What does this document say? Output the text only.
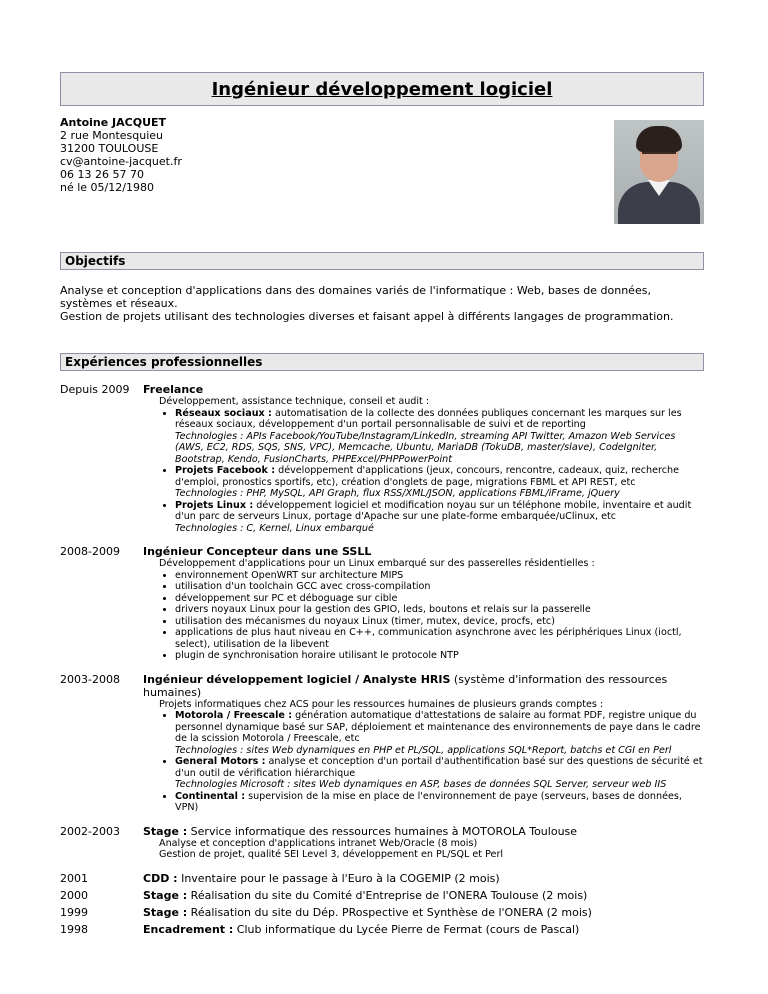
Ingénieur développement logiciel
Antoine JACQUET
2 rue Montesquieu
31200 TOULOUSE
cv@antoine-jacquet.fr
06 13 26 57 70
né le 05/12/1980
Objectifs
Analyse et conception d'applications dans des domaines variés de l'informatique : Web, bases de données, systèmes et réseaux.
Gestion de projets utilisant des technologies diverses et faisant appel à différents langages de programmation.
Expériences professionnelles
Depuis 2009	Freelance
Développement, assistance technique, conseil et audit :
• Réseaux sociaux : automatisation de la collecte des données publiques concernant les marques sur les réseaux sociaux, développement d'un portail personnalisable de suivi et de reporting
Technologies : APIs Facebook/YouTube/Instagram/LinkedIn, streaming API Twitter, Amazon Web Services (AWS, EC2, RDS, SQS, SNS, VPC), Memcache, Ubuntu, MariaDB (TokuDB, master/slave), CodeIgniter, Bootstrap, Kendo, FusionCharts, PHPExcel/PHPPowerPoint
• Projets Facebook : développement d'applications (jeux, concours, rencontre, cadeaux, quiz, recherche d'emploi, pronostics sportifs, etc), création d'onglets de page, migrations FBML et API REST, etc
Technologies : PHP, MySQL, API Graph, flux RSS/XML/JSON, applications FBML/iFrame, jQuery
• Projets Linux : développement logiciel et modification noyau sur un téléphone mobile, inventaire et audit d'un parc de serveurs Linux, portage d'Apache sur une plate-forme embarquée/uClinux, etc
Technologies : C, Kernel, Linux embarqué
2008-2009	Ingénieur Concepteur dans une SSLL
Développement d'applications pour un Linux embarqué sur des passerelles résidentielles :
• environnement OpenWRT sur architecture MIPS
• utilisation d'un toolchain GCC avec cross-compilation
• développement sur PC et déboguage sur cible
• drivers noyaux Linux pour la gestion des GPIO, leds, boutons et relais sur la passerelle
• utilisation des mécanismes du noyaux Linux (timer, mutex, device, procfs, etc)
• applications de plus haut niveau en C++, communication asynchrone avec les périphériques Linux (ioctl, select), utilisation de la libevent
• plugin de synchronisation horaire utilisant le protocole NTP
2003-2008	Ingénieur développement logiciel / Analyste HRIS (système d'information des ressources humaines)
Projets informatiques chez ACS pour les ressources humaines de plusieurs grands comptes :
• Motorola / Freescale : génération automatique d'attestations de salaire au format PDF, registre unique du personnel dynamique basé sur SAP, déploiement et maintenance des environnements de paye dans le cadre de la scission Motorola / Freescale, etc
Technologies : sites Web dynamiques en PHP et PL/SQL, applications SQL*Report, batchs et CGI en Perl
• General Motors : analyse et conception d'un portail d'authentification basé sur des questions de sécurité et d'un outil de vérification hiérarchique
Technologies Microsoft : sites Web dynamiques en ASP, bases de données SQL Server, serveur web IIS
• Continental : supervision de la mise en place de l'environnement de paye (serveurs, bases de données, VPN)
2002-2003	Stage : Service informatique des ressources humaines à MOTOROLA Toulouse
Analyse et conception d'applications intranet Web/Oracle (8 mois)
Gestion de projet, qualité SEI Level 3, développement en PL/SQL et Perl
2001	CDD : Inventaire pour le passage à l'Euro à la COGEMIP (2 mois)
2000	Stage : Réalisation du site du Comité d'Entreprise de l'ONERA Toulouse (2 mois)
1999	Stage : Réalisation du site du Dép. PRospective et Synthèse de l'ONERA (2 mois)
1998	Encadrement : Club informatique du Lycée Pierre de Fermat (cours de Pascal)
